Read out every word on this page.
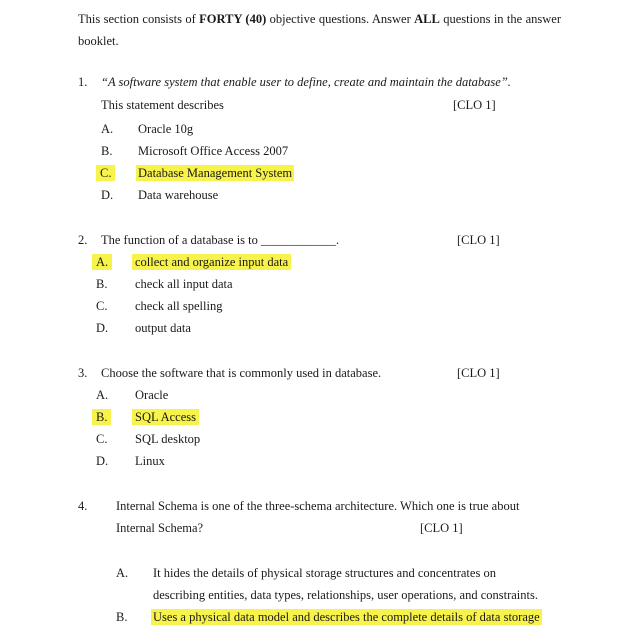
This section consists of FORTY (40) objective questions. Answer ALL questions in the answer booklet.
1. “A software system that enable user to define, create and maintain the database”.
This statement describes	[CLO 1]
A. Oracle 10g
B. Microsoft Office Access 2007
C.	Database Management System
D. Data warehouse
2. The function of a database is to ____________.	[CLO 1]
A.	collect and organize input data
B. check all input data
C. check all spelling
D. output data
3. Choose the software that is commonly used in database.	[CLO 1]
A. Oracle
B.	SQL Access
C. SQL desktop
D. Linux
4. Internal Schema is one of the three-schema architecture. Which one is true about
Internal Schema?	[CLO 1]
A. It hides the details of physical storage structures and concentrates on
describing entities, data types, relationships, user operations, and constraints.
B. Uses a physical data model and describes the complete details of data storage
